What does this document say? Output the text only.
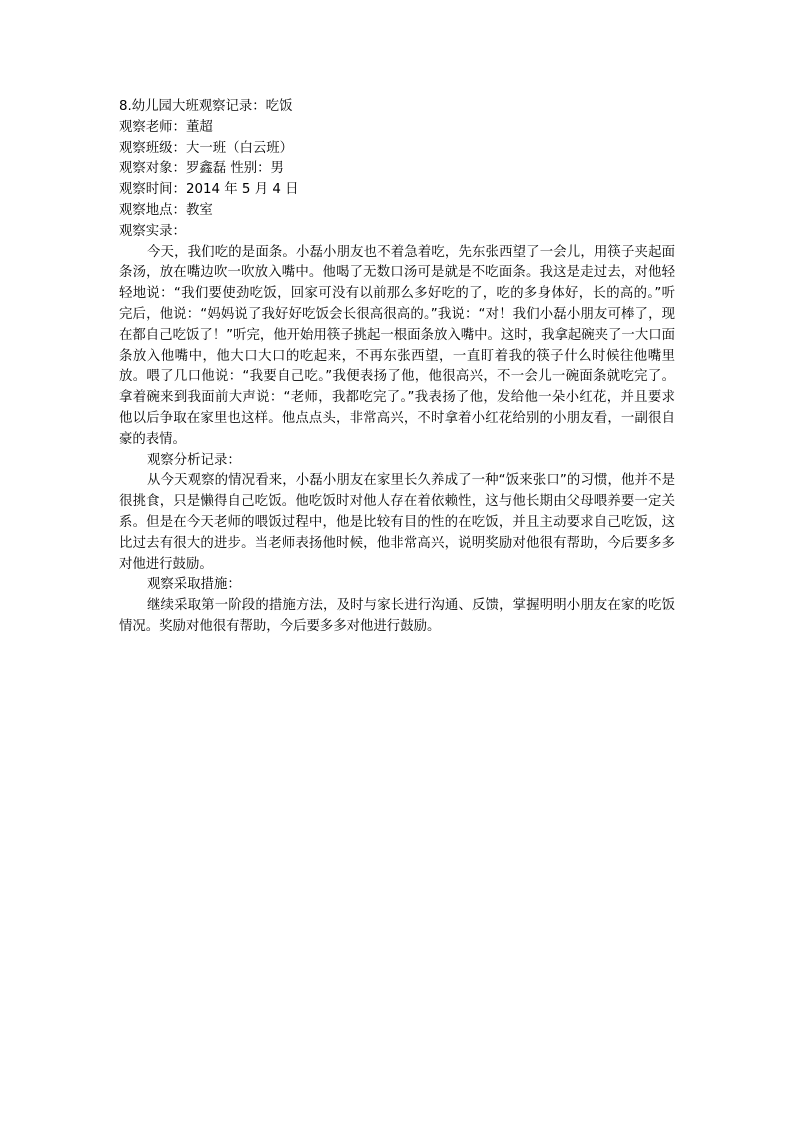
8.幼儿园大班观察记录：吃饭

观察老师：董超

观察班级：大一班（白云班）

观察对象：罗鑫磊 性别：男

观察时间：2014 年 5 月 4 日

观察地点：教室

观察实录：

今天，我们吃的是面条。小磊小朋友也不着急着吃，先东张西望了一会儿，用筷子夹起面条汤，放在嘴边吹一吹放入嘴中。他喝了无数口汤可是就是不吃面条。我这是走过去，对他轻轻地说：“我们要使劲吃饭，回家可没有以前那么多好吃的了，吃的多身体好，长的高的。”听完后，他说：“妈妈说了我好好吃饭会长很高很高的。”我说：“对！我们小磊小朋友可棒了，现在都自己吃饭了！”听完，他开始用筷子挑起一根面条放入嘴中。这时，我拿起碗夹了一大口面条放入他嘴中，他大口大口的吃起来，不再东张西望，一直盯着我的筷子什么时候往他嘴里放。喂了几口他说：“我要自己吃。”我便表扬了他，他很高兴，不一会儿一碗面条就吃完了。拿着碗来到我面前大声说：“老师，我都吃完了。”我表扬了他，发给他一朵小红花，并且要求他以后争取在家里也这样。他点点头，非常高兴，不时拿着小红花给别的小朋友看，一副很自豪的表情。

观察分析记录：

从今天观察的情况看来，小磊小朋友在家里长久养成了一种“饭来张口”的习惯，他并不是很挑食，只是懒得自己吃饭。他吃饭时对他人存在着依赖性，这与他长期由父母喂养要一定关系。但是在今天老师的喂饭过程中，他是比较有目的性的在吃饭，并且主动要求自己吃饭，这比过去有很大的进步。当老师表扬他时候，他非常高兴，说明奖励对他很有帮助，今后要多多对他进行鼓励。

观察采取措施：

继续采取第一阶段的措施方法，及时与家长进行沟通、反馈，掌握明明小朋友在家的吃饭情况。奖励对他很有帮助，今后要多多对他进行鼓励。
